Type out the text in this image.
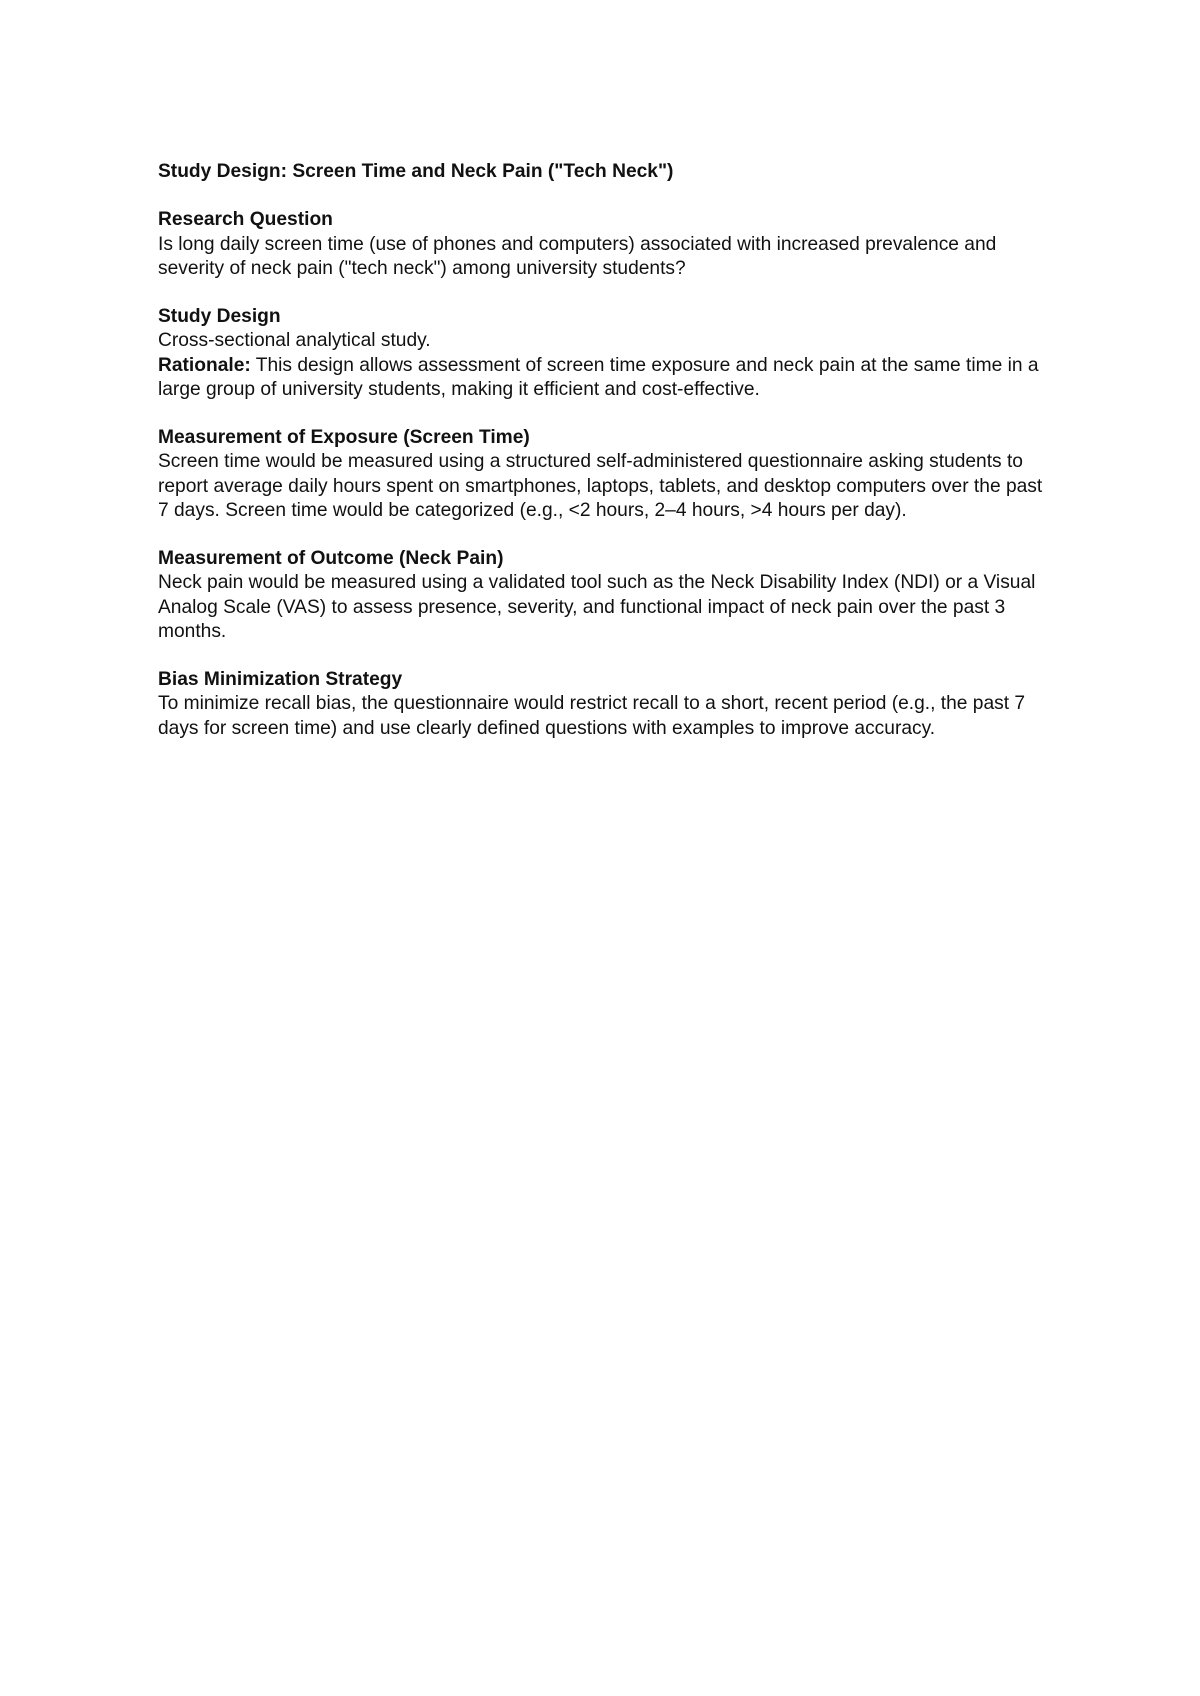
Study Design: Screen Time and Neck Pain ("Tech Neck")

Research Question

Is long daily screen time (use of phones and computers) associated with increased prevalence and severity of neck pain ("tech neck") among university students?

Study Design

Cross-sectional analytical study.

Rationale: This design allows assessment of screen time exposure and neck pain at the same time in a large group of university students, making it efficient and cost-effective.

Measurement of Exposure (Screen Time)

Screen time would be measured using a structured self-administered questionnaire asking students to report average daily hours spent on smartphones, laptops, tablets, and desktop computers over the past 7 days. Screen time would be categorized (e.g., <2 hours, 2–4 hours, >4 hours per day).

Measurement of Outcome (Neck Pain)

Neck pain would be measured using a validated tool such as the Neck Disability Index (NDI) or a Visual Analog Scale (VAS) to assess presence, severity, and functional impact of neck pain over the past 3 months.

Bias Minimization Strategy

To minimize recall bias, the questionnaire would restrict recall to a short, recent period (e.g., the past 7 days for screen time) and use clearly defined questions with examples to improve accuracy.
